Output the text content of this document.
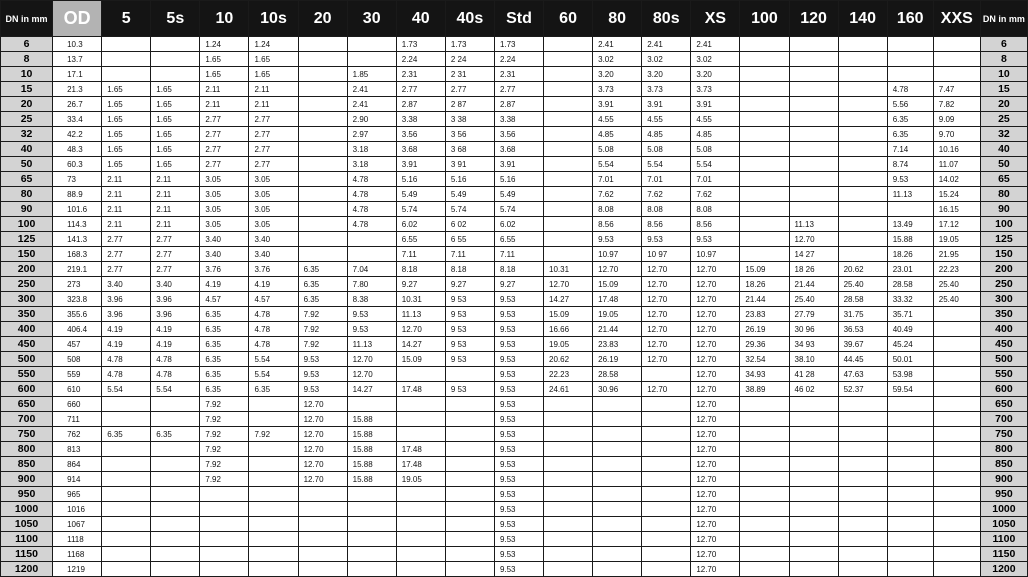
DN in mm	OD	5	5s	10	10s	20	30	40	40s	Std	60	80	80s	XS	100	120	140	160	XXS	DN in mm
6	10.3			1.24	1.24			1.73	1.73	1.73		2.41	2.41	2.41						6
8	13.7			1.65	1.65			2.24	2 24	2.24		3.02	3.02	3.02						8
10	17.1			1.65	1.65		1.85	2.31	2 31	2.31		3.20	3.20	3.20						10
15	21.3	1.65	1.65	2.11	2.11		2.41	2.77	2.77	2.77		3.73	3.73	3.73				4.78	7.47	15
20	26.7	1.65	1.65	2.11	2.11		2.41	2.87	2 87	2.87		3.91	3.91	3.91				5.56	7.82	20
25	33.4	1.65	1.65	2.77	2.77		2.90	3.38	3 38	3.38		4.55	4.55	4.55				6.35	9.09	25
32	42.2	1.65	1.65	2.77	2.77		2.97	3.56	3 56	3.56		4.85	4.85	4.85				6.35	9.70	32
40	48.3	1.65	1.65	2.77	2.77		3.18	3.68	3 68	3.68		5.08	5.08	5.08				7.14	10.16	40
50	60.3	1.65	1.65	2.77	2.77		3.18	3.91	3 91	3.91		5.54	5.54	5.54				8.74	11.07	50
65	73	2.11	2.11	3.05	3.05		4.78	5.16	5.16	5.16		7.01	7.01	7.01				9.53	14.02	65
80	88.9	2.11	2.11	3.05	3.05		4.78	5.49	5.49	5.49		7.62	7.62	7.62				11.13	15.24	80
90	101.6	2.11	2.11	3.05	3.05		4.78	5.74	5.74	5.74		8.08	8.08	8.08					16.15	90
100	114.3	2.11	2.11	3.05	3.05		4.78	6.02	6 02	6.02		8.56	8.56	8.56		11.13		13.49	17.12	100
125	141.3	2.77	2.77	3.40	3.40			6.55	6 55	6.55		9.53	9.53	9.53		12.70		15.88	19.05	125
150	168.3	2.77	2.77	3.40	3.40			7.11	7.11	7.11		10.97	10 97	10.97		14 27		18.26	21.95	150
200	219.1	2.77	2.77	3.76	3.76	6.35	7.04	8.18	8.18	8.18	10.31	12.70	12.70	12.70	15.09	18 26	20.62	23.01	22.23	200
250	273	3.40	3.40	4.19	4.19	6.35	7.80	9.27	9.27	9.27	12.70	15.09	12.70	12.70	18.26	21.44	25.40	28.58	25.40	250
300	323.8	3.96	3.96	4.57	4.57	6.35	8.38	10.31	9 53	9.53	14.27	17.48	12.70	12.70	21.44	25.40	28.58	33.32	25.40	300
350	355.6	3.96	3.96	6.35	4.78	7.92	9.53	11.13	9 53	9.53	15.09	19.05	12.70	12.70	23.83	27.79	31.75	35.71		350
400	406.4	4.19	4.19	6.35	4.78	7.92	9.53	12.70	9 53	9.53	16.66	21.44	12.70	12.70	26.19	30 96	36.53	40.49		400
450	457	4.19	4.19	6.35	4.78	7.92	11.13	14.27	9 53	9.53	19.05	23.83	12.70	12.70	29.36	34 93	39.67	45.24		450
500	508	4.78	4.78	6.35	5.54	9.53	12.70	15.09	9 53	9.53	20.62	26.19	12.70	12.70	32.54	38.10	44.45	50.01		500
550	559	4.78	4.78	6.35	5.54	9.53	12.70			9.53	22.23	28.58		12.70	34.93	41 28	47.63	53.98		550
600	610	5.54	5.54	6.35	6.35	9.53	14.27	17.48	9 53	9.53	24.61	30.96	12.70	12.70	38.89	46 02	52.37	59.54		600
650	660			7.92		12.70				9.53				12.70						650
700	711			7.92		12.70	15.88			9.53				12.70						700
750	762	6.35	6.35	7.92	7.92	12.70	15.88			9.53				12.70						750
800	813			7.92		12.70	15.88	17.48		9.53				12.70						800
850	864			7.92		12.70	15.88	17.48		9.53				12.70						850
900	914			7.92		12.70	15.88	19.05		9.53				12.70						900
950	965									9.53				12.70						950
1000	1016									9.53				12.70						1000
1050	1067									9.53				12.70						1050
1100	1118									9.53				12.70						1100
1150	1168									9.53				12.70						1150
1200	1219									9.53				12.70						1200
